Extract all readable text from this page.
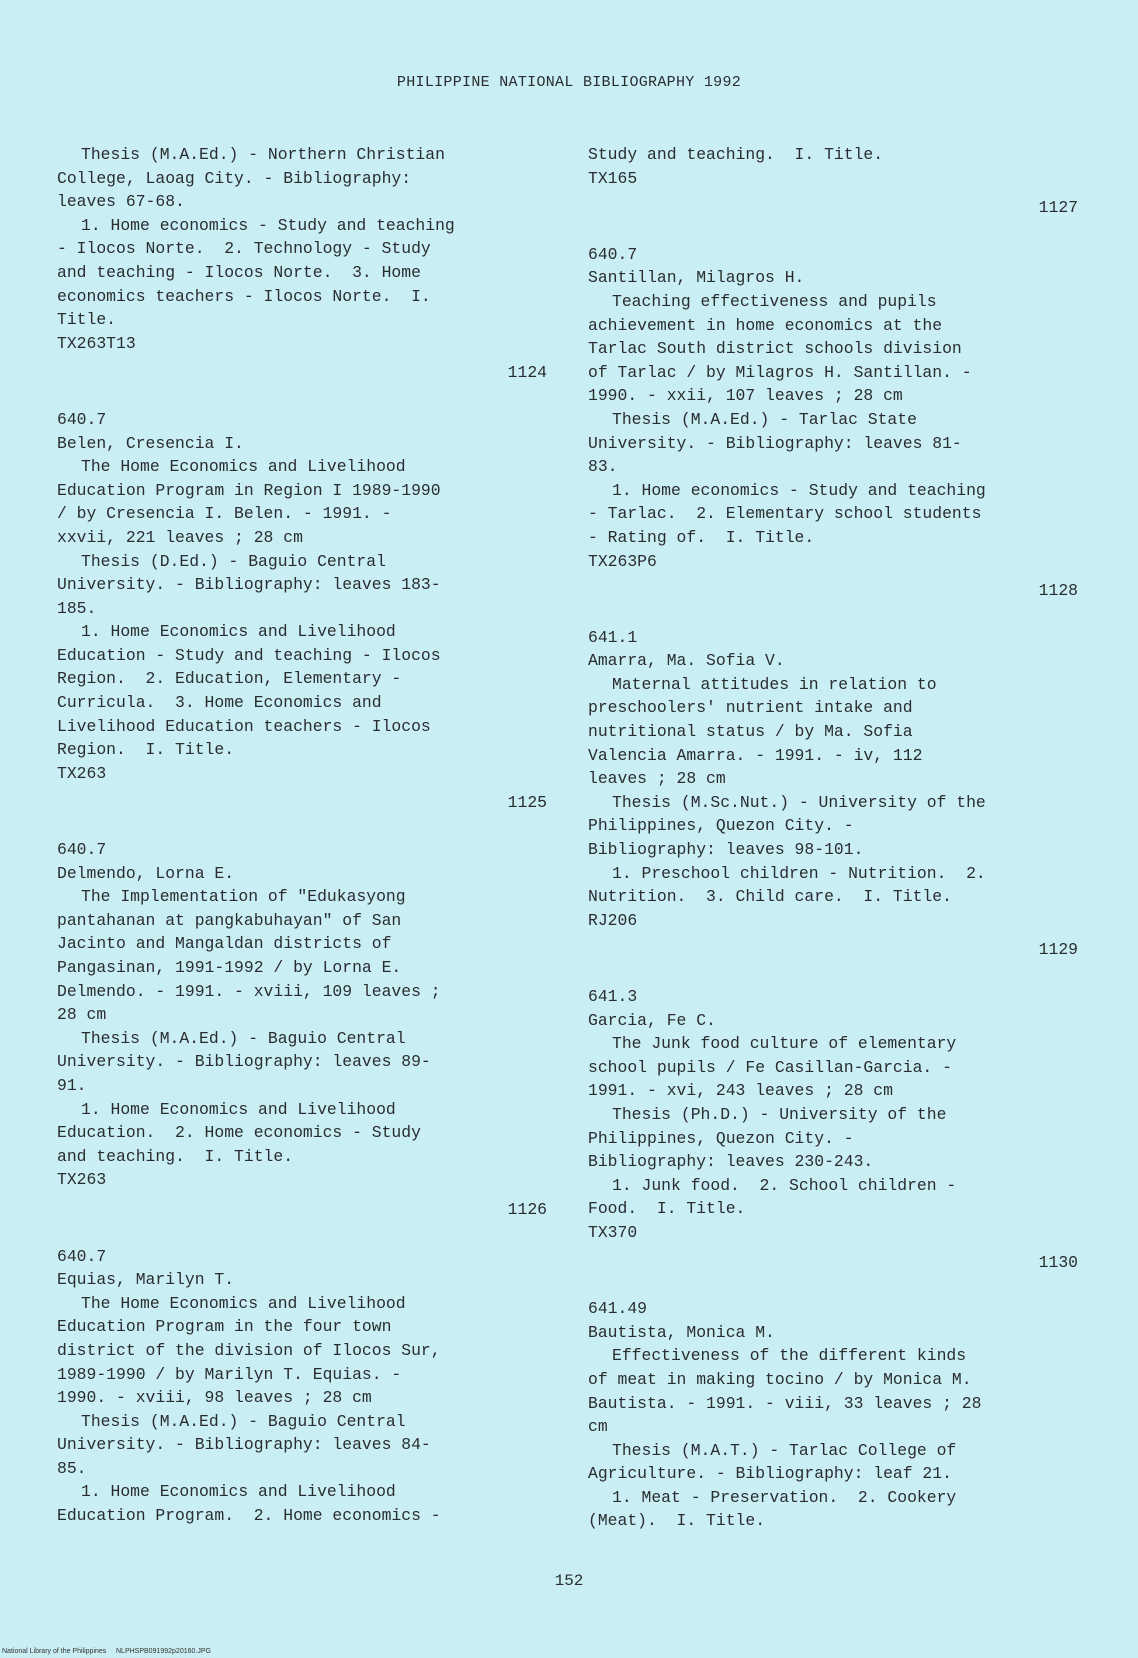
PHILIPPINE NATIONAL BIBLIOGRAPHY 1992
Thesis (M.A.Ed.) - Northern Christian
College, Laoag City. - Bibliography:
leaves 67-68.
1. Home economics - Study and teaching
- Ilocos Norte.  2. Technology - Study
and teaching - Ilocos Norte.  3. Home
economics teachers - Ilocos Norte.  I.
Title.
TX263T13
1124
640.7
Belen, Cresencia I.
The Home Economics and Livelihood
Education Program in Region I 1989-1990
/ by Cresencia I. Belen. - 1991. -
xxvii, 221 leaves ; 28 cm
Thesis (D.Ed.) - Baguio Central
University. - Bibliography: leaves 183-
185.
1. Home Economics and Livelihood
Education - Study and teaching - Ilocos
Region.  2. Education, Elementary -
Curricula.  3. Home Economics and
Livelihood Education teachers - Ilocos
Region.  I. Title.
TX263
1125
640.7
Delmendo, Lorna E.
The Implementation of "Edukasyong
pantahanan at pangkabuhayan" of San
Jacinto and Mangaldan districts of
Pangasinan, 1991-1992 / by Lorna E.
Delmendo. - 1991. - xviii, 109 leaves ;
28 cm
Thesis (M.A.Ed.) - Baguio Central
University. - Bibliography: leaves 89-
91.
1. Home Economics and Livelihood
Education.  2. Home economics - Study
and teaching.  I. Title.
TX263
1126
640.7
Equias, Marilyn T.
The Home Economics and Livelihood
Education Program in the four town
district of the division of Ilocos Sur,
1989-1990 / by Marilyn T. Equias. -
1990. - xviii, 98 leaves ; 28 cm
Thesis (M.A.Ed.) - Baguio Central
University. - Bibliography: leaves 84-
85.
1. Home Economics and Livelihood
Education Program.  2. Home economics -
Study and teaching.  I. Title.
TX165
1127
640.7
Santillan, Milagros H.
Teaching effectiveness and pupils
achievement in home economics at the
Tarlac South district schools division
of Tarlac / by Milagros H. Santillan. -
1990. - xxii, 107 leaves ; 28 cm
Thesis (M.A.Ed.) - Tarlac State
University. - Bibliography: leaves 81-
83.
1. Home economics - Study and teaching
- Tarlac.  2. Elementary school students
- Rating of.  I. Title.
TX263P6
1128
641.1
Amarra, Ma. Sofia V.
Maternal attitudes in relation to
preschoolers' nutrient intake and
nutritional status / by Ma. Sofia
Valencia Amarra. - 1991. - iv, 112
leaves ; 28 cm
Thesis (M.Sc.Nut.) - University of the
Philippines, Quezon City. -
Bibliography: leaves 98-101.
1. Preschool children - Nutrition.  2.
Nutrition.  3. Child care.  I. Title.
RJ206
1129
641.3
Garcia, Fe C.
The Junk food culture of elementary
school pupils / Fe Casillan-Garcia. -
1991. - xvi, 243 leaves ; 28 cm
Thesis (Ph.D.) - University of the
Philippines, Quezon City. -
Bibliography: leaves 230-243.
1. Junk food.  2. School children -
Food.  I. Title.
TX370
1130
641.49
Bautista, Monica M.
Effectiveness of the different kinds
of meat in making tocino / by Monica M.
Bautista. - 1991. - viii, 33 leaves ; 28
cm
Thesis (M.A.T.) - Tarlac College of
Agriculture. - Bibliography: leaf 21.
1. Meat - Preservation.  2. Cookery
(Meat).  I. Title.
152
National Library of the Philippines     NLPHSPB091992p20160.JPG
